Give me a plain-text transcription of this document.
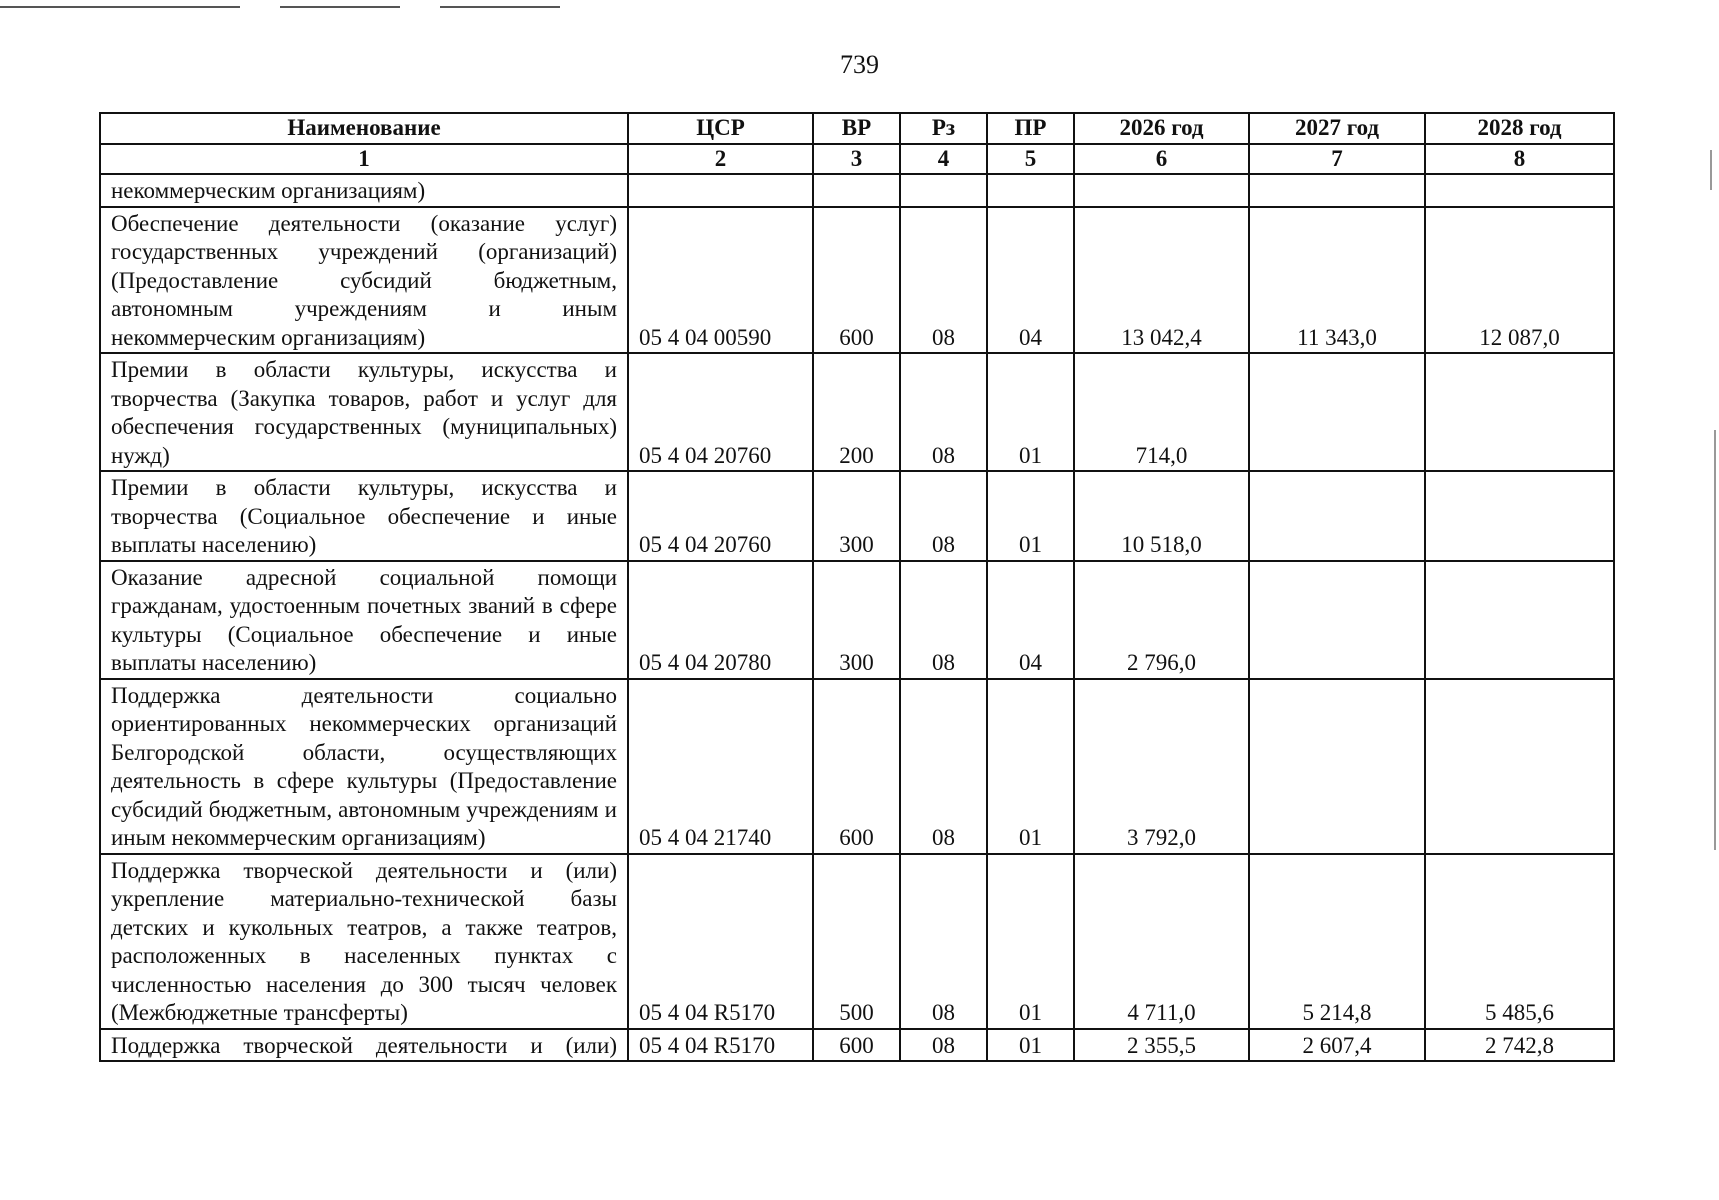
739
Наименование	ЦСР	ВР	Рз	ПР	2026 год	2027 год	2028 год
1	2	3	4	5	6	7	8
некоммерческим организациям)							
Обеспечение деятельности (оказание услуг) государственных учреждений (организаций) (Предоставление субсидий бюджетным, автономным учреждениям и иным некоммерческим организациям)	05 4 04 00590	600	08	04	13 042,4	11 343,0	12 087,0
Премии в области культуры, искусства и творчества (Закупка товаров, работ и услуг для обеспечения государственных (муниципальных) нужд)	05 4 04 20760	200	08	01	714,0		
Премии в области культуры, искусства и творчества (Социальное обеспечение и иные выплаты населению)	05 4 04 20760	300	08	01	10 518,0		
Оказание адресной социальной помощи гражданам, удостоенным почетных званий в сфере культуры (Социальное обеспечение и иные выплаты населению)	05 4 04 20780	300	08	04	2 796,0		
Поддержка деятельности социально ориентированных некоммерческих организаций Белгородской области, осуществляющих деятельность в сфере культуры (Предоставление субсидий бюджетным, автономным учреждениям и иным некоммерческим организациям)	05 4 04 21740	600	08	01	3 792,0		
Поддержка творческой деятельности и (или) укрепление материально-технической базы детских и кукольных театров, а также театров, расположенных в населенных пунктах с численностью населения до 300 тысяч человек (Межбюджетные трансферты)	05 4 04 R5170	500	08	01	4 711,0	5 214,8	5 485,6
Поддержка творческой деятельности и (или)	05 4 04 R5170	600	08	01	2 355,5	2 607,4	2 742,8
